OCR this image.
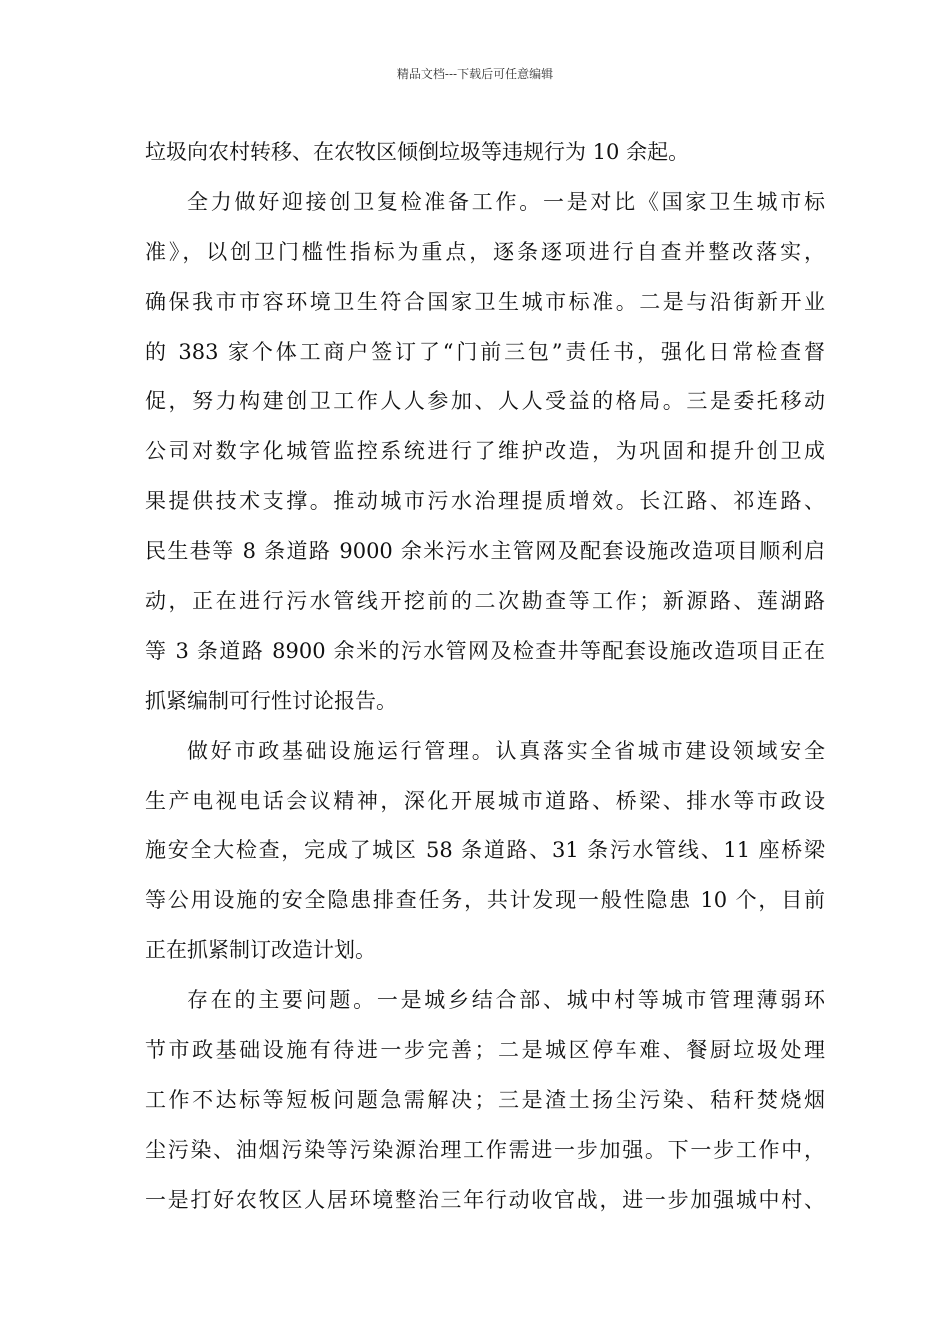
精品文档---下载后可任意编辑
垃圾向农村转移、在农牧区倾倒垃圾等违规行为 10 余起。
全力做好迎接创卫复检准备工作。一是对比《国家卫生城市标
准》，以创卫门槛性指标为重点，逐条逐项进行自查并整改落实，
确保我市市容环境卫生符合国家卫生城市标准。二是与沿街新开业
的 383 家个体工商户签订了“门前三包”责任书，强化日常检查督
促，努力构建创卫工作人人参加、人人受益的格局。三是委托移动
公司对数字化城管监控系统进行了维护改造，为巩固和提升创卫成
果提供技术支撑。推动城市污水治理提质增效。长江路、祁连路、
民生巷等 8 条道路 9000 余米污水主管网及配套设施改造项目顺利启
动，正在进行污水管线开挖前的二次勘查等工作；新源路、莲湖路
等 3 条道路 8900 余米的污水管网及检查井等配套设施改造项目正在
抓紧编制可行性讨论报告。
做好市政基础设施运行管理。认真落实全省城市建设领域安全
生产电视电话会议精神，深化开展城市道路、桥梁、排水等市政设
施安全大检查，完成了城区 58 条道路、31 条污水管线、11 座桥梁
等公用设施的安全隐患排查任务，共计发现一般性隐患 10 个，目前
正在抓紧制订改造计划。
存在的主要问题。一是城乡结合部、城中村等城市管理薄弱环
节市政基础设施有待进一步完善；二是城区停车难、餐厨垃圾处理
工作不达标等短板问题急需解决；三是渣土扬尘污染、秸秆焚烧烟
尘污染、油烟污染等污染源治理工作需进一步加强。下一步工作中，
一是打好农牧区人居环境整治三年行动收官战，进一步加强城中村、
